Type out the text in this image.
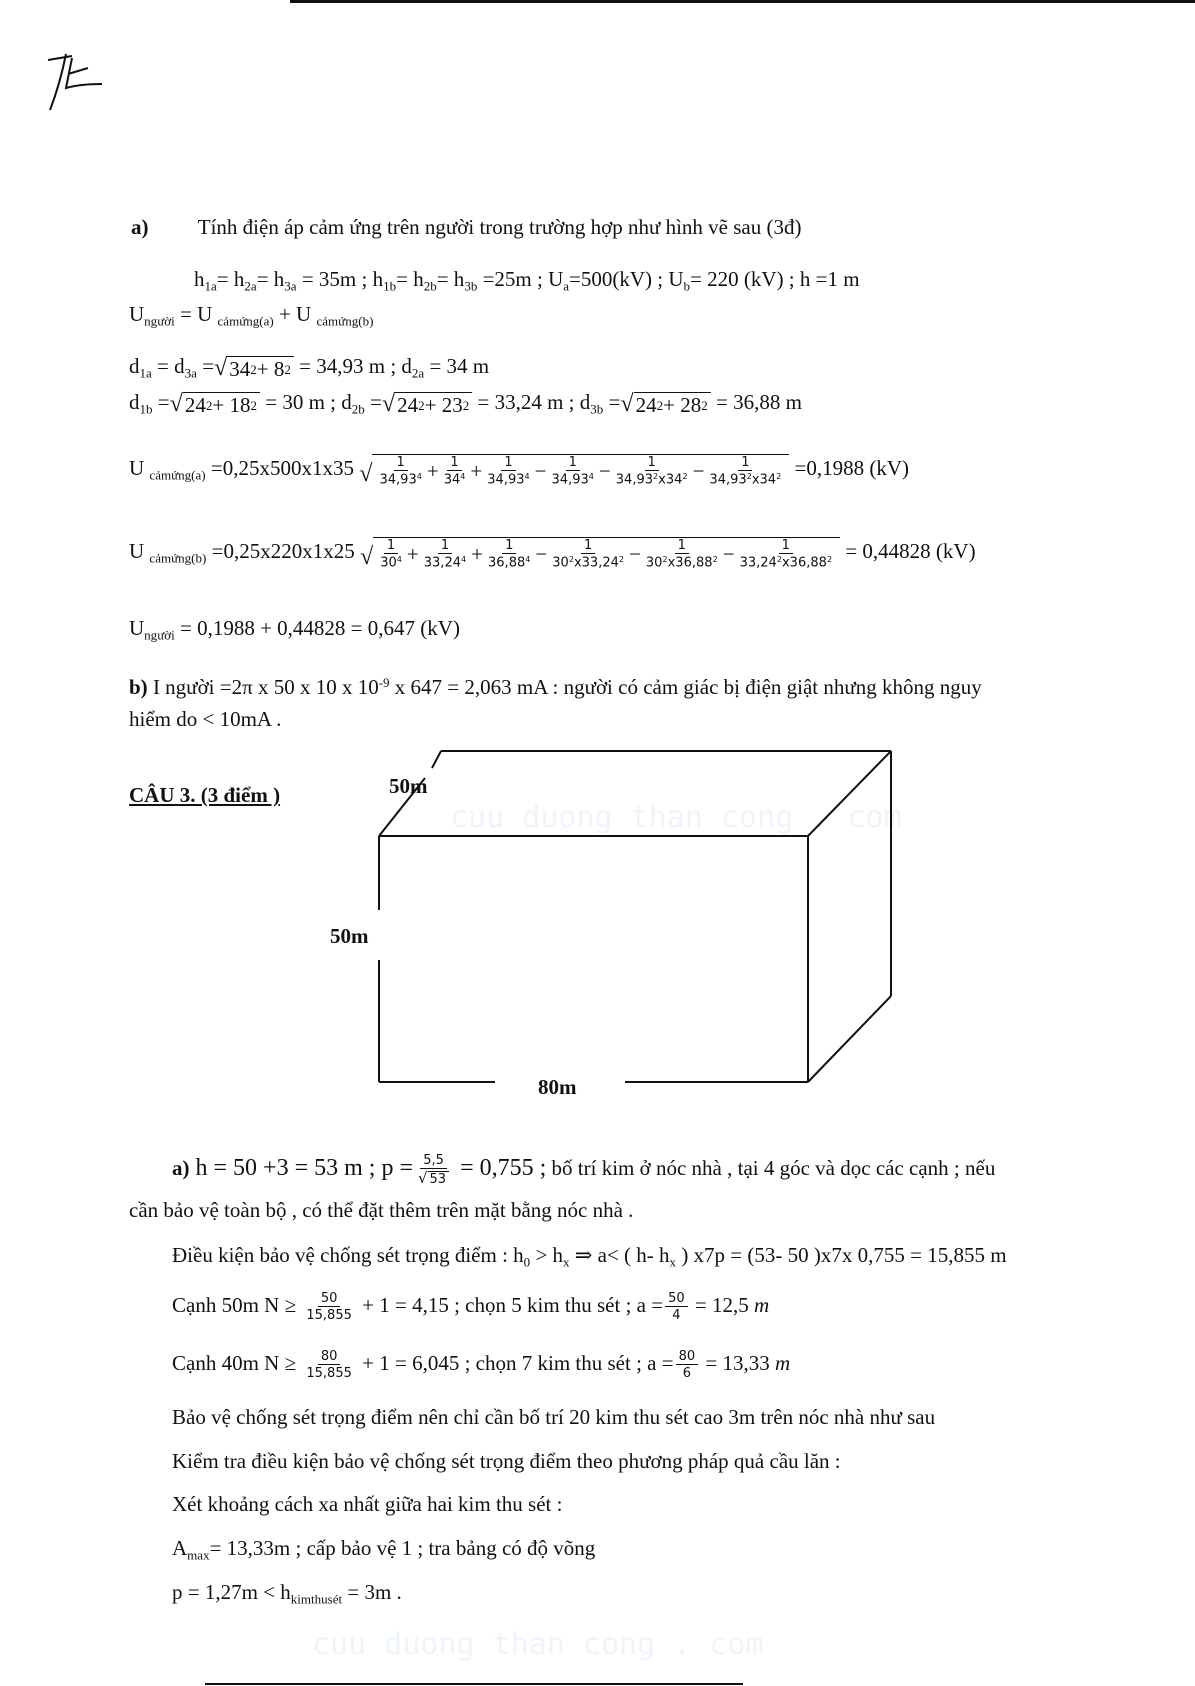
cuu duong than cong . com
cuu duong than cong . com
a) Tính điện áp cảm ứng trên người trong trường hợp như hình vẽ sau (3đ)
$h_{1a}= h_{2a}= h_{3a} = 35m$ ; $h_{1b}= h_{2b}= h_{3b} =25m$ ; $U_a=500(kV)$ ; $U_b= 220$ (kV) ; h =1 m
$U_{người} = U$ $_{cảmứng(a)}$ + U $_{cảmứng(b)}$
$d_{1a} = d_{3a}$ = √ 34 2 + 8 2 = 34,93 m ; $d_{2a} = 34$ m
$d_{1b}$ = √ 24 2 + 18 2 = 30 m ; $d_{2b}$ = √ 24 2 + 23 2 = 33,24 m ; $d_{3b}$ = √ 24 2 + 28 2 = 36,88 m
U $_{cảmứng(a)}$ =0,25x500x1x35 √ $\frac{1}{34,93^4} + \frac{1}{34^4} + \frac{1}{34,93^4} - \frac{1}{34,93^4} - \frac{1}{34,93^2x34^2} - \frac{1}{34,93^2x34^2} =0,1988$ (kV)
U $_{cảmứng(b)}$ =0,25x220x1x25 √ $\frac{1}{30^4} + \frac{1}{33,24^4} + \frac{1}{36,88^4} - \frac{1}{30^2x33,24^2} - \frac{1}{30^2x36,88^2} - \frac{1}{33,24^2x36,88^2} = 0,44828$ (kV)
$U_{người} = 0,1988 + 0,44828 = 0,647$ (kV)
b) I người =2π x 50 x 10 x $10^{-9}$ x 647 = 2,063 mA : người có cảm giác bị điện giật nhưng không nguy
hiểm do < 10mA .
CÂU 3. (3 điểm )	50m
50m
80m
a) h = 50 +3 = 53 m ; $p = \frac{5,5}{√ 53} = 0,755$ ; bố trí kim ở nóc nhà , tại 4 góc và dọc các cạnh ; nếu
cần bảo vệ toàn bộ , có thể đặt thêm trên mặt bằng nóc nhà .
Điều kiện bảo vệ chống sét trọng điểm : $h_0 > h_x$ ⇒ a< ( h- $h_x$ ) x7p = (53- 50 )x7x 0,755 = 15,855 m
Cạnh 50m $N \ge \frac{50}{15,855} + 1 = 4,15$ ; chọn 5 kim thu sét ; $a = \frac{50}{4} = 12,5$ m
Cạnh 40m $N \ge \frac{80}{15,855} + 1 = 6,045$ ; chọn 7 kim thu sét ; $a = \frac{80}{6} = 13,33$ m
Bảo vệ chống sét trọng điểm nên chỉ cần bố trí 20 kim thu sét cao 3m trên nóc nhà như sau
Kiểm tra điều kiện bảo vệ chống sét trọng điểm theo phương pháp quả cầu lăn :
Xét khoảng cách xa nhất giữa hai kim thu sét :
$A_{max}= 13,33m$ ; cấp bảo vệ 1 ; tra bảng có độ võng
$p = 1,27m < h_{kimthusét} = 3m$ .
